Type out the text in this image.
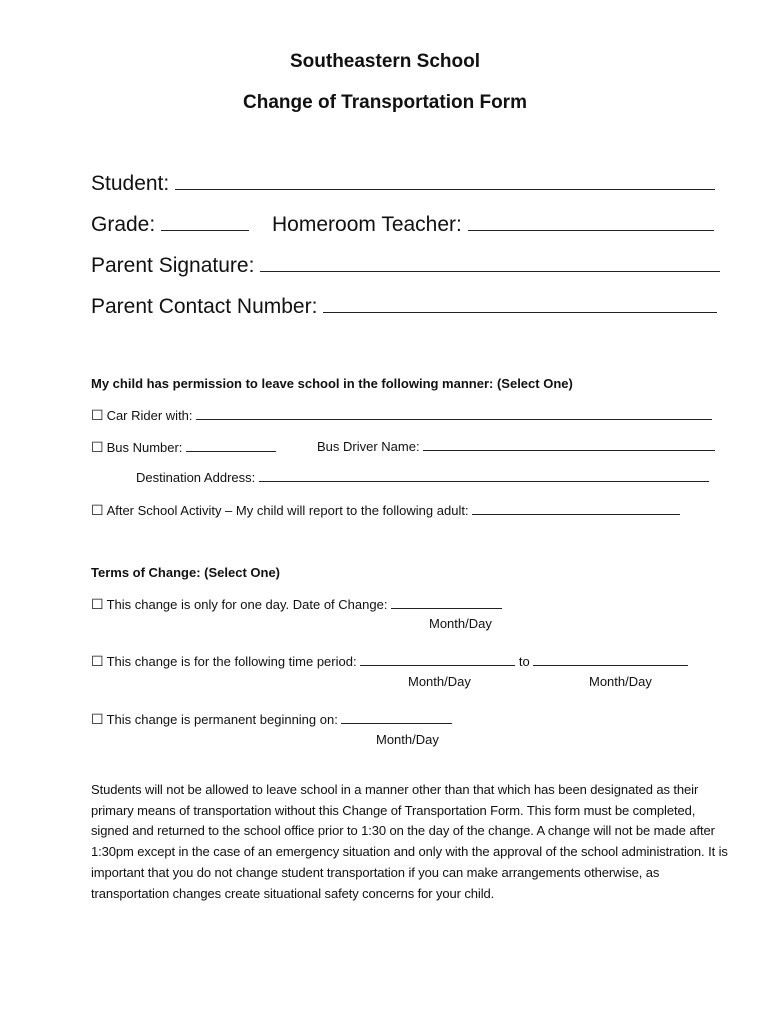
Southeastern School
Change of Transportation Form
Student:
Grade:	Homeroom Teacher:
Parent Signature:
Parent Contact Number:
My child has permission to leave school in the following manner: (Select One)
☐ Car Rider with:
☐ Bus Number:	Bus Driver Name:
Destination Address:
☐ After School Activity – My child will report to the following adult:
Terms of Change: (Select One)
☐ This change is only for one day. Date of Change:
Month/Day
☐ This change is for the following time period:	to
Month/Day	Month/Day
☐ This change is permanent beginning on:
Month/Day
Students will not be allowed to leave school in a manner other than that which has been designated as their primary means of transportation without this Change of Transportation Form. This form must be completed, signed and returned to the school office prior to 1:30 on the day of the change. A change will not be made after 1:30pm except in the case of an emergency situation and only with the approval of the school administration. It is important that you do not change student transportation if you can make arrangements otherwise, as transportation changes create situational safety concerns for your child.
